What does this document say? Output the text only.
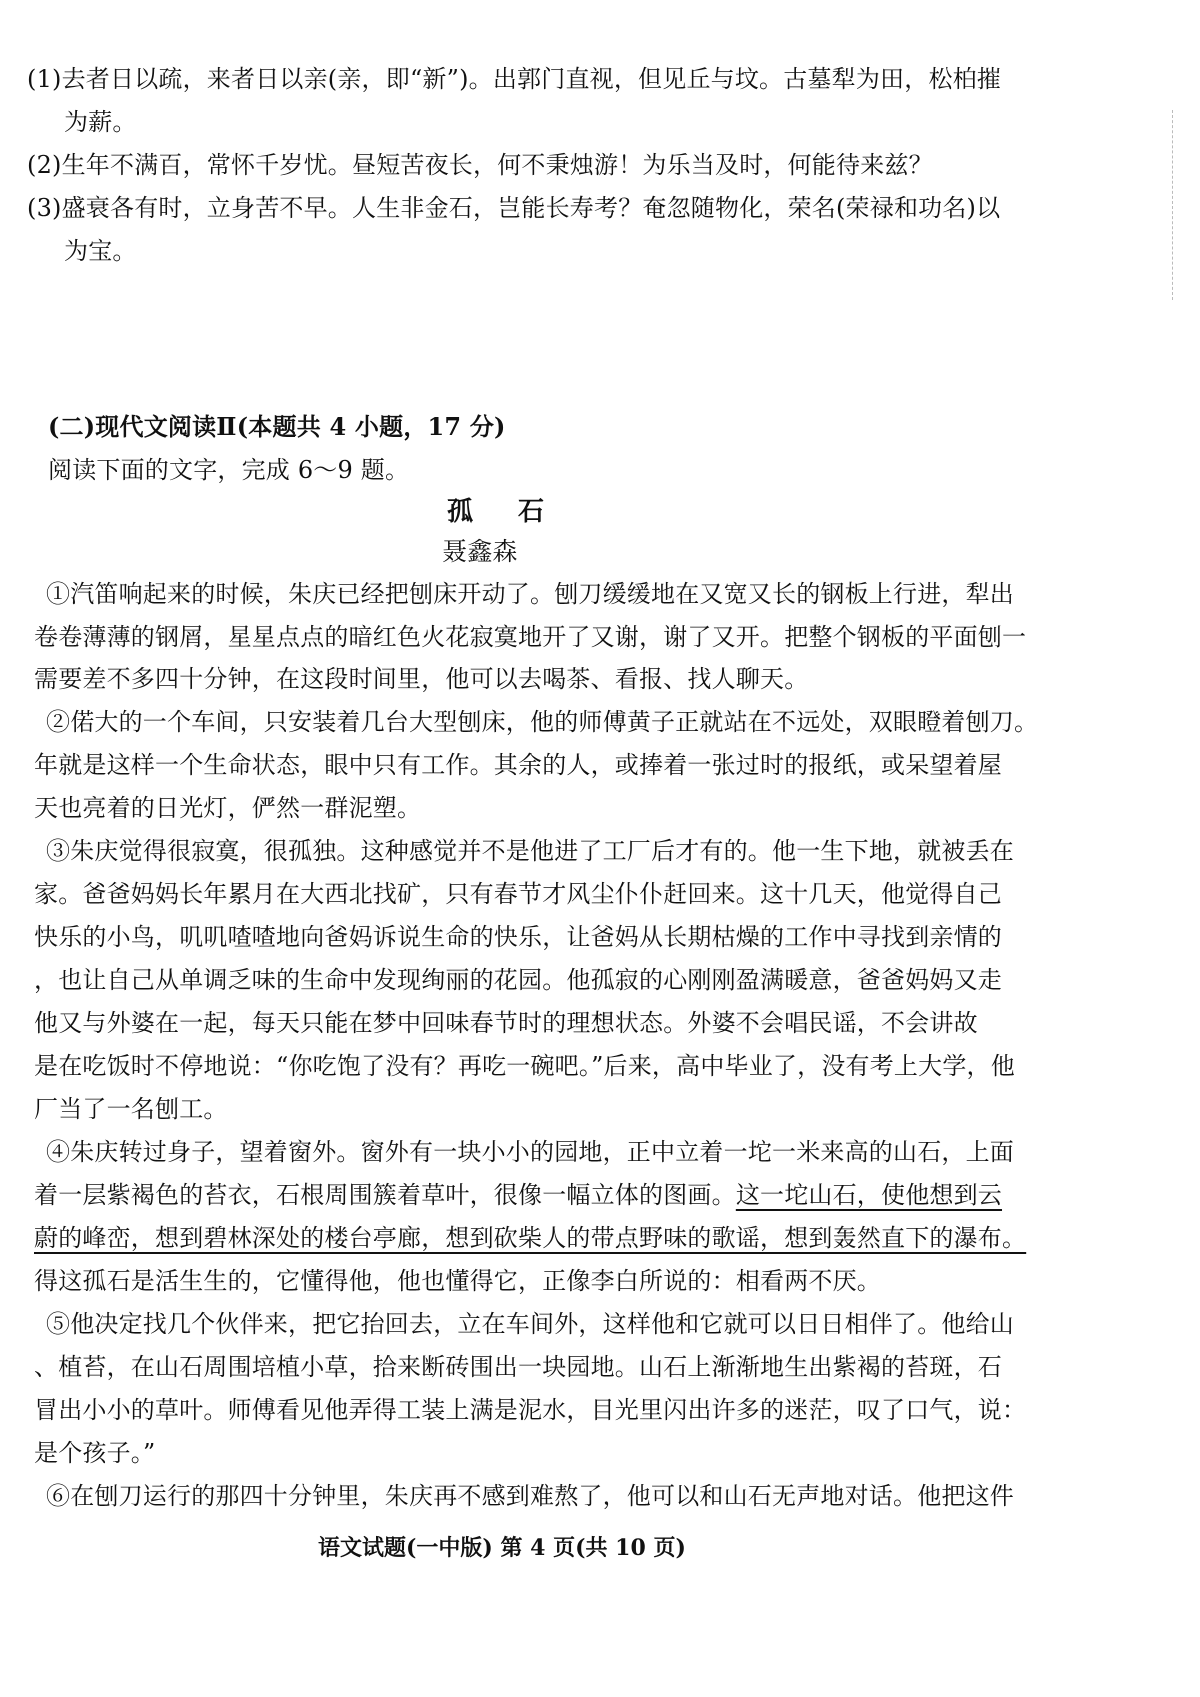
(1)去者日以疏，来者日以亲(亲，即“新”)。出郭门直视，但见丘与坟。古墓犁为田，松柏摧
为薪。
(2)生年不满百，常怀千岁忧。昼短苦夜长，何不秉烛游！为乐当及时，何能待来兹？
(3)盛衰各有时，立身苦不早。人生非金石，岂能长寿考？奄忽随物化，荣名(荣禄和功名)以
为宝。
(二)现代文阅读Ⅱ(本题共 4 小题，17 分)
阅读下面的文字，完成 6～9 题。
孤 石
聂鑫森
①汽笛响起来的时候，朱庆已经把刨床开动了。刨刀缓缓地在又宽又长的钢板上行进，犁出
卷卷薄薄的钢屑，星星点点的暗红色火花寂寞地开了又谢，谢了又开。把整个钢板的平面刨一
需要差不多四十分钟，在这段时间里，他可以去喝茶、看报、找人聊天。
②偌大的一个车间，只安装着几台大型刨床，他的师傅黄子正就站在不远处，双眼瞪着刨刀。
年就是这样一个生命状态，眼中只有工作。其余的人，或捧着一张过时的报纸，或呆望着屋
天也亮着的日光灯，俨然一群泥塑。
③朱庆觉得很寂寞，很孤独。这种感觉并不是他进了工厂后才有的。他一生下地，就被丢在
家。爸爸妈妈长年累月在大西北找矿，只有春节才风尘仆仆赶回来。这十几天，他觉得自己
快乐的小鸟，叽叽喳喳地向爸妈诉说生命的快乐，让爸妈从长期枯燥的工作中寻找到亲情的
，也让自己从单调乏味的生命中发现绚丽的花园。他孤寂的心刚刚盈满暖意，爸爸妈妈又走
他又与外婆在一起，每天只能在梦中回味春节时的理想状态。外婆不会唱民谣，不会讲故
是在吃饭时不停地说：“你吃饱了没有？再吃一碗吧。”后来，高中毕业了，没有考上大学，他
厂当了一名刨工。
④朱庆转过身子，望着窗外。窗外有一块小小的园地，正中立着一坨一米来高的山石，上面
着一层紫褐色的苔衣，石根周围簇着草叶，很像一幅立体的图画。这一坨山石，使他想到云
蔚的峰峦，想到碧林深处的楼台亭廊，想到砍柴人的带点野味的歌谣，想到轰然直下的瀑布。
得这孤石是活生生的，它懂得他，他也懂得它，正像李白所说的：相看两不厌。
⑤他决定找几个伙伴来，把它抬回去，立在车间外，这样他和它就可以日日相伴了。他给山
、植苔，在山石周围培植小草，拾来断砖围出一块园地。山石上渐渐地生出紫褐的苔斑，石
冒出小小的草叶。师傅看见他弄得工装上满是泥水，目光里闪出许多的迷茫，叹了口气，说：
是个孩子。”
⑥在刨刀运行的那四十分钟里，朱庆再不感到难熬了，他可以和山石无声地对话。他把这件
语文试题(一中版) 第 4 页(共 10 页)
